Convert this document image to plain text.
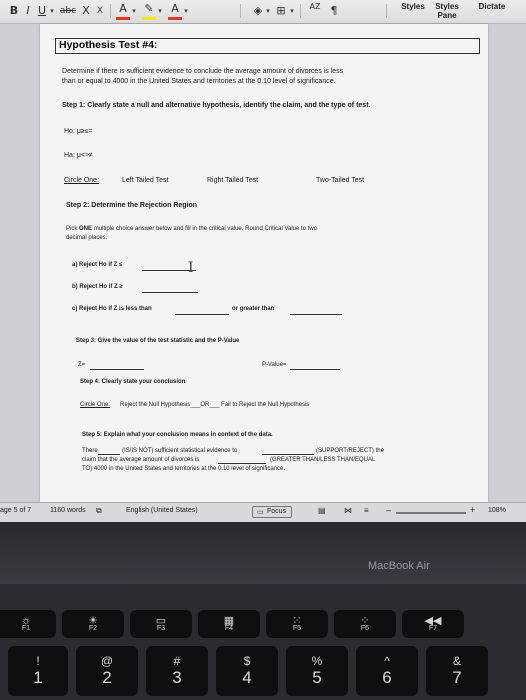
B I U ▾ abc X X A ▾ ✎ ▾ A ▾	◈ ▾ ⊞ ▾	AZ ¶	Styles	Styles
Pane
Dictate
Hypothesis Test #4:
Determine if there is sufficient evidence to conclude the average amount of divorces is less
than or equal to 4000 in the United States and territories at the 0.10 level of significance.
Step 1: Clearly state a null and alternative hypothesis, identify the claim, and the type of test.
Ho: μ≥≤=
Ha: μ<>≠
Circle One:	Left Tailed Test	Right Tailed Test	Two-Tailed Test
Step 2: Determine the Rejection Region
Pick ONE multiple choice answer below and fill in the critical value. Round Critical Value to two
decimal places.
a) Reject Ho if Z ≤	I
b) Reject Ho if Z ≥
c) Reject Ho if Z is less than	or greater than
Step 3: Give the value of the test statistic and the P-Value
Z=	P-Value=
Step 4: Clearly state your conclusion
Circle One: Reject the Null Hypothesis___OR___ Fail to Reject the Null Hypothesis
Step 5: Explain what your conclusion means in context of the data.
There	(IS/IS NOT) sufficient statistical evidence to	(SUPPORT/REJECT) the
claim that the average amount of divorces is	(GREATER THAN/LESS THAN/EQUAL
TO) 4000 in the United States and territories at the 0.10 level of significance.
age 5 of 7	1160 words ⧉	English (United States)	▭ Focus	▤ ⋈ ≡ –	+ 108%
MacBook Air
☼
F1
☀
F2
▭
F3
▦
F4
⁙
F5
⁘
F6
◀◀
F7
!
1
@
2
#
3
$
4
%
5
^
6
&
7
